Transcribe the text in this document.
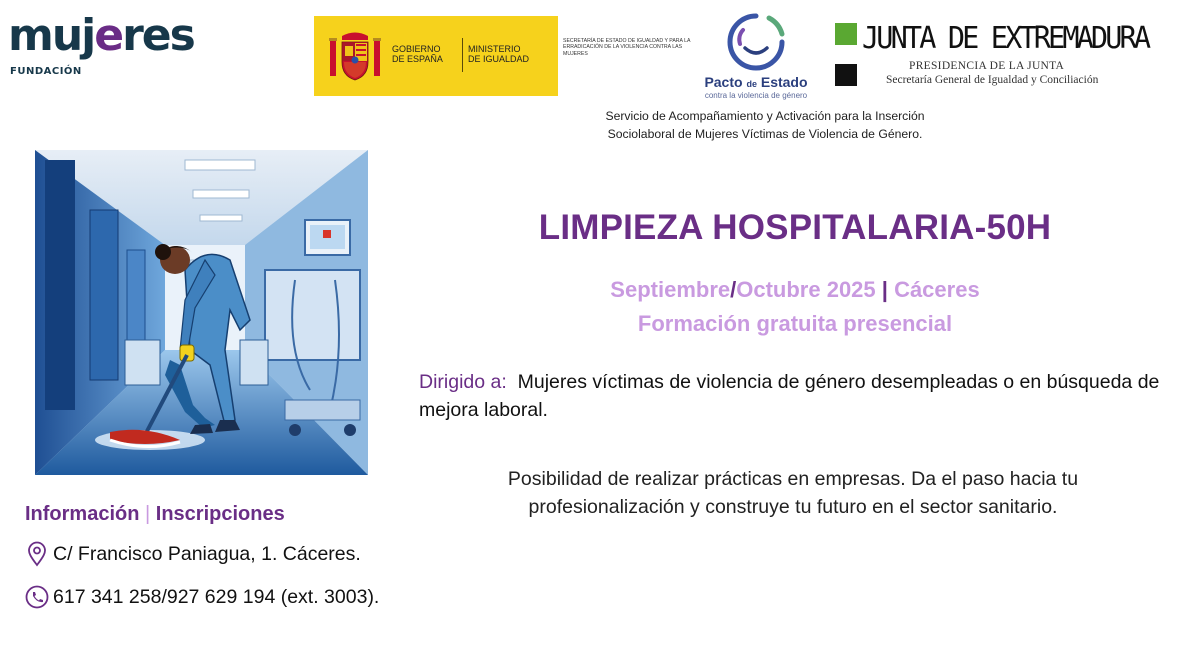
mujeres
FUNDACIÓN
GOBIERNO
DE ESPAÑA
MINISTERIO
DE IGUALDAD
SECRETARÍA DE ESTADO DE IGUALDAD Y PARA LA ERRADICACIÓN DE LA VIOLENCIA CONTRA LAS MUJERES
Pacto de Estado
contra la violencia de género
JUNTA DE EXTREMADURA
PRESIDENCIA DE LA JUNTA
Secretaría General de Igualdad y Conciliación
Servicio de Acompañamiento y Activación para la Inserción
Sociolaboral de Mujeres Víctimas de Violencia de Género.
LIMPIEZA HOSPITALARIA-50H
Septiembre/Octubre 2025 | Cáceres
Formación gratuita presencial
Dirigido a: Mujeres víctimas de violencia de género desempleadas o en búsqueda de mejora laboral.
Posibilidad de realizar prácticas en empresas. Da el paso hacia tu
profesionalización y construye tu futuro en el sector sanitario.
Información | Inscripciones
C/ Francisco Paniagua, 1. Cáceres.
617 341 258/927 629 194 (ext. 3003).
